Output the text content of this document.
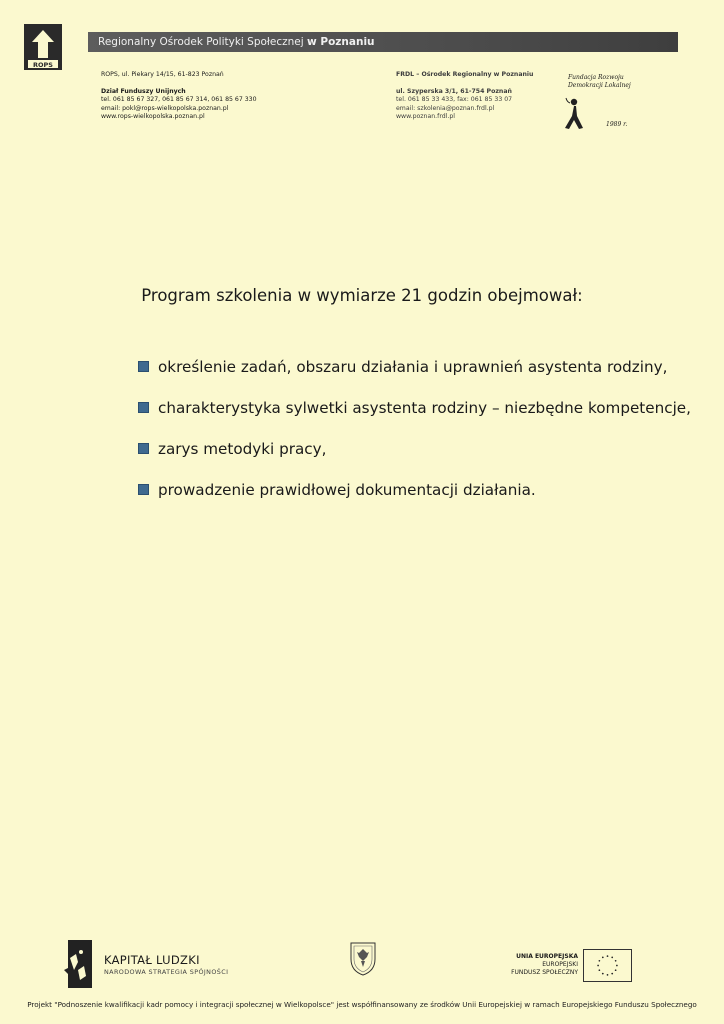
ROPS
Regionalny Ośrodek Polityki Społecznej w Poznaniu
ROPS, ul. Piekary 14/15, 61-823 Poznań

Dział Funduszy Unijnych
tel. 061 85 67 327, 061 85 67 314, 061 85 67 330
email: pokl@rops-wielkopolska.poznan.pl
www.rops-wielkopolska.poznan.pl
FRDL – Ośrodek Regionalny w Poznaniu

ul. Szyperska 3/1, 61-754 Poznań
tel. 061 85 33 433, fax: 061 85 33 07
email: szkolenia@poznan.frdl.pl
www.poznan.frdl.pl
Fundacja Rozwoju
Demokracji Lokalnej
1989 r.
Program szkolenia w wymiarze 21 godzin obejmował:
określenie zadań, obszaru działania i uprawnień asystenta rodziny,
charakterystyka sylwetki asystenta rodziny – niezbędne kompetencje,
zarys metodyki pracy,
prowadzenie prawidłowej dokumentacji działania.
KAPITAŁ LUDZKI
NARODOWA STRATEGIA SPÓJNOŚCI
UNIA EUROPEJSKA
EUROPEJSKI
FUNDUSZ SPOŁECZNY
Projekt "Podnoszenie kwalifikacji kadr pomocy i integracji społecznej w Wielkopolsce" jest współfinansowany ze środków Unii Europejskiej w ramach Europejskiego Funduszu Społecznego
